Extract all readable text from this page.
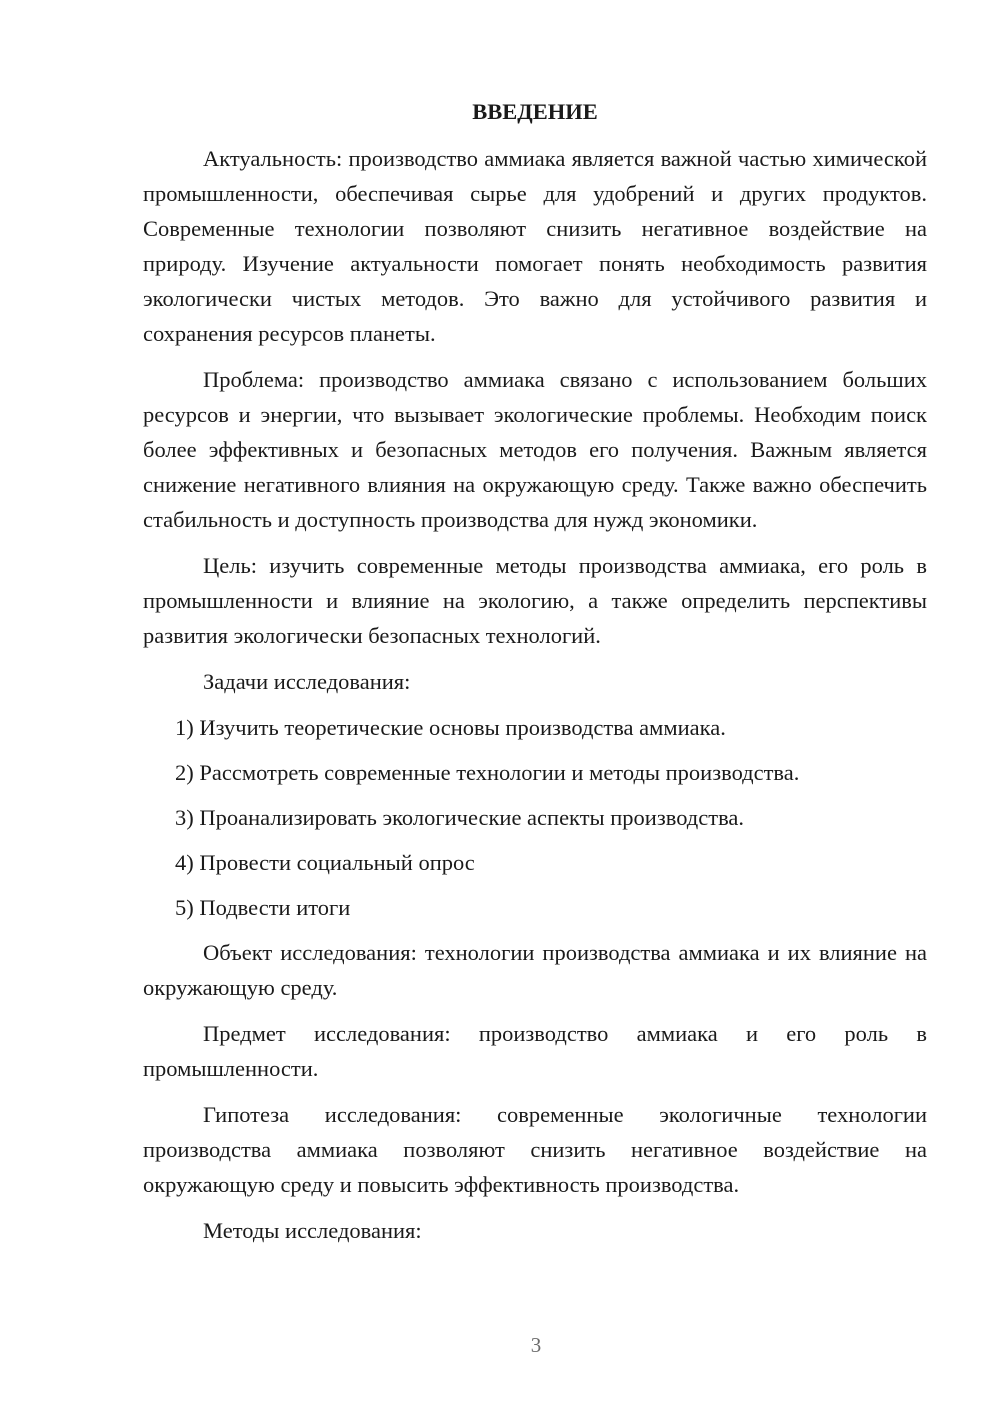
ВВЕДЕНИЕ

Актуальность: производство аммиака является важной частью химической промышленности, обеспечивая сырье для удобрений и других продуктов. Современные технологии позволяют снизить негативное воздействие на природу. Изучение актуальности помогает понять необходимость развития экологически чистых методов. Это важно для устойчивого развития и сохранения ресурсов планеты.

Проблема: производство аммиака связано с использованием больших ресурсов и энергии, что вызывает экологические проблемы. Необходим поиск более эффективных и безопасных методов его получения. Важным является снижение негативного влияния на окружающую среду. Также важно обеспечить стабильность и доступность производства для нужд экономики.

Цель: изучить современные методы производства аммиака, его роль в промышленности и влияние на экологию, а также определить перспективы развития экологически безопасных технологий.

Задачи исследования:

1) Изучить теоретические основы производства аммиака.
2) Рассмотреть современные технологии и методы производства.
3) Проанализировать экологические аспекты производства.
4) Провести социальный опрос
5) Подвести итоги

Объект исследования: технологии производства аммиака и их влияние на окружающую среду.

Предмет исследования: производство аммиака и его роль в промышленности.

Гипотеза исследования: современные экологичные технологии производства аммиака позволяют снизить негативное воздействие на окружающую среду и повысить эффективность производства.

Методы исследования:

3
